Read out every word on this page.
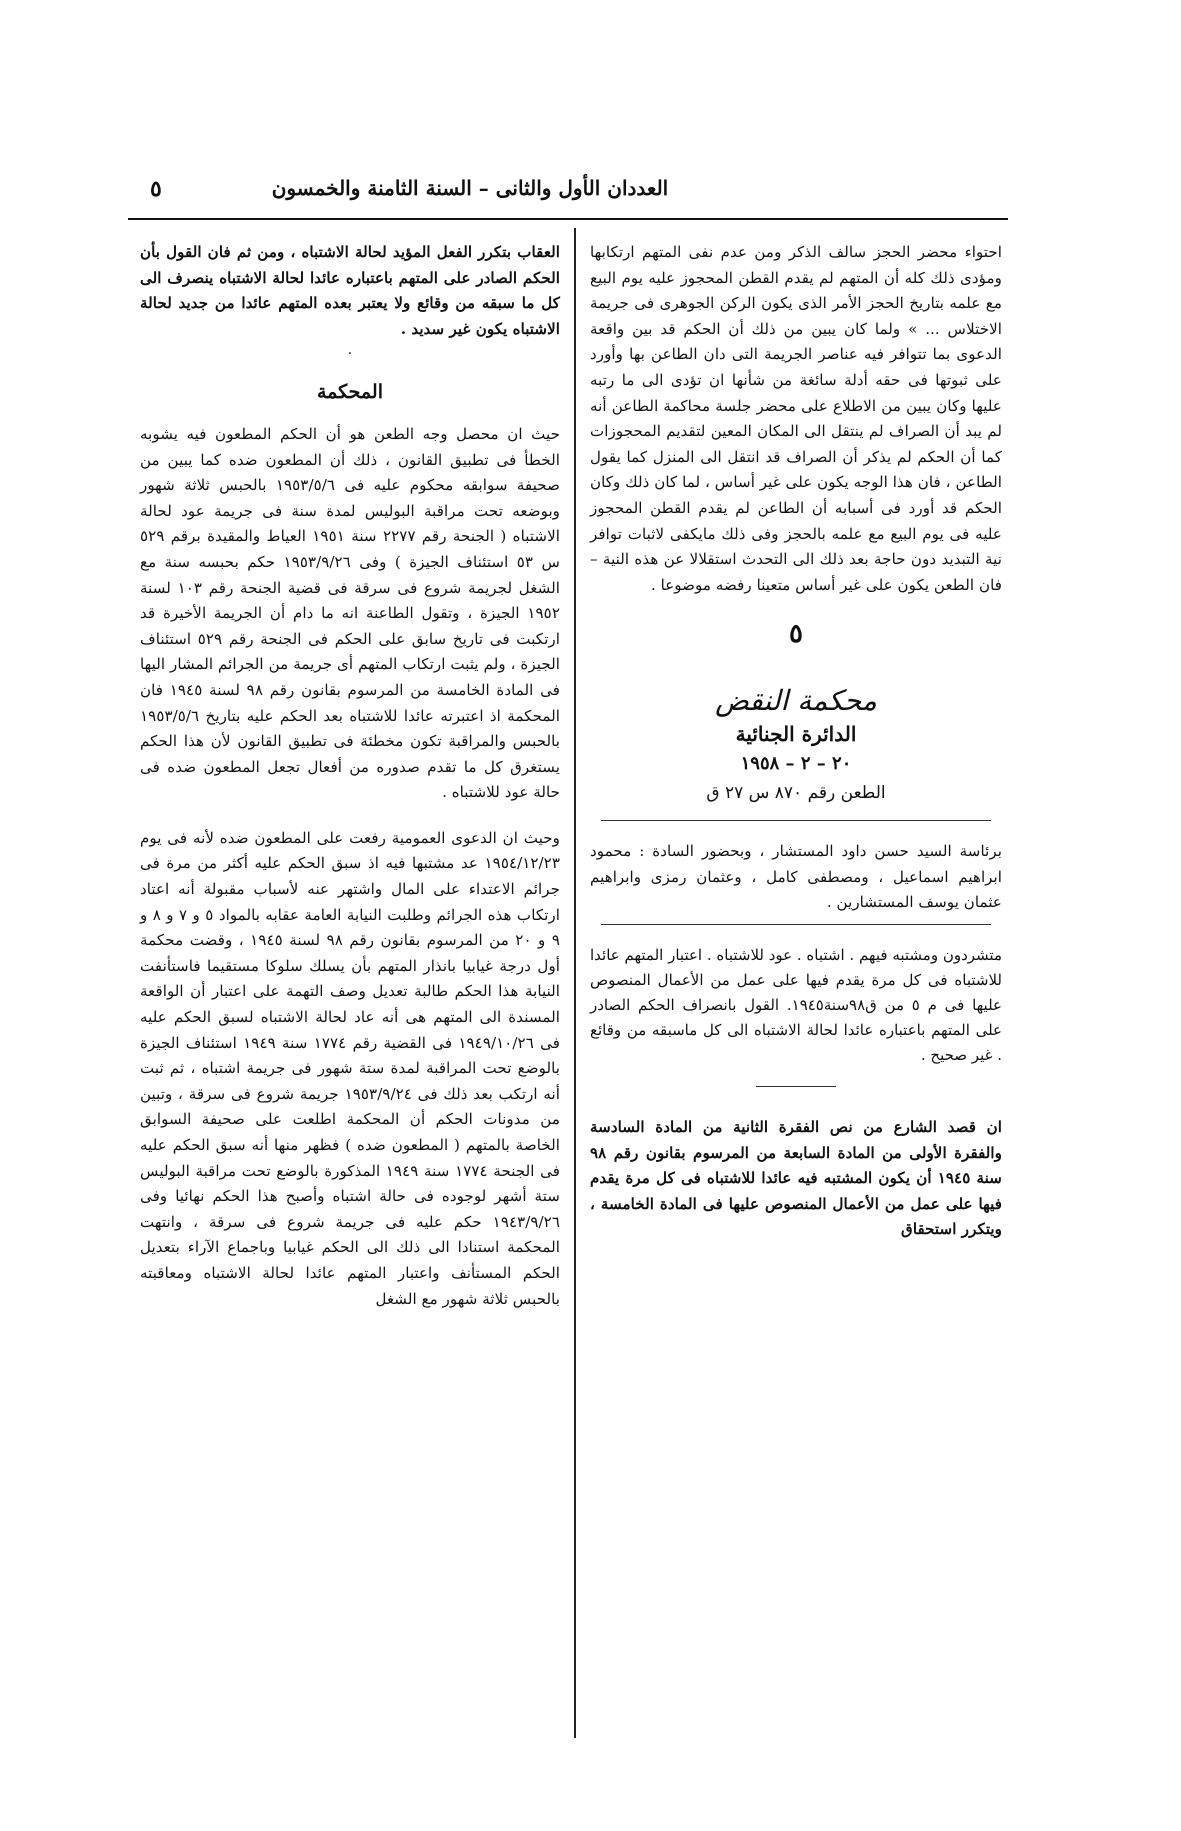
العددان الأول والثانى – السنة الثامنة والخمسون
٥

احتواء محضر الحجز سالف الذكر ومن عدم نفى المتهم ارتكابها ومؤدى ذلك كله أن المتهم لم يقدم القطن المحجوز عليه يوم البيع مع علمه بتاريخ الحجز الأمر الذى يكون الركن الجوهرى فى جريمة الاختلاس ... » ولما كان يبين من ذلك أن الحكم قد بين واقعة الدعوى بما تتوافر فيه عناصر الجريمة التى دان الطاعن بها وأورد على ثبوتها فى حقه أدلة سائغة من شأنها ان تؤدى الى ما رتبه عليها وكان يبين من الاطلاع على محضر جلسة محاكمة الطاعن أنه لم يبد أن الصراف لم ينتقل الى المكان المعين لتقديم المحجوزات كما أن الحكم لم يذكر أن الصراف قد انتقل الى المنزل كما يقول الطاعن ، فان هذا الوجه يكون على غير أساس ، لما كان ذلك وكان الحكم قد أورد فى أسبابه أن الطاعن لم يقدم القطن المحجوز عليه فى يوم البيع مع علمه بالحجز وفى ذلك مايكفى لاثبات توافر نية التبديد دون حاجة بعد ذلك الى التحدث استقلالا عن هذه النية – فان الطعن يكون على غير أساس متعينا رفضه موضوعا .

٥
محكمة النقض
الدائرة الجنائية
٢٠ – ٢ – ١٩٥٨
الطعن رقم ٨٧٠ س ٢٧ ق

برئاسة السيد حسن داود المستشار ، وبحضور السادة : محمود ابراهيم اسماعيل ، ومصطفى كامل ، وعثمان رمزى وابراهيم عثمان يوسف المستشارين .

متشردون ومشتبه فيهم . اشتباه . عود للاشتباه . اعتبار المتهم عائدا للاشتباه فى كل مرة يقدم فيها على عمل من الأعمال المنصوص عليها فى م ٥ من ق٩٨سنة١٩٤٥. القول بانصراف الحكم الصادر على المتهم باعتباره عائدا لحالة الاشتباه الى كل ماسبقه من وقائع . غير صحيح .

ان قصد الشارع من نص الفقرة الثانية من المادة السادسة والفقرة الأولى من المادة السابعة من المرسوم بقانون رقم ٩٨ سنة ١٩٤٥ أن يكون المشتبه فيه عائدا للاشتباه فى كل مرة يقدم فيها على عمل من الأعمال المنصوص عليها فى المادة الخامسة ، ويتكرر استحقاق

العقاب بتكرر الفعل المؤيد لحالة الاشتباه ، ومن ثم فان القول بأن الحكم الصادر على المتهم باعتباره عائدا لحالة الاشتباه ينصرف الى كل ما سبقه من وقائع ولا يعتبر بعده المتهم عائدا من جديد لحالة الاشتباه يكون غير سديد .

·
المحكمة

حيث ان محصل وجه الطعن هو أن الحكم المطعون فيه يشوبه الخطأ فى تطبيق القانون ، ذلك أن المطعون ضده كما يبين من صحيفة سوابقه محكوم عليه فى ١٩٥٣/٥/٦ بالحبس ثلاثة شهور وبوضعه تحت مراقبة البوليس لمدة سنة فى جريمة عود لحالة الاشتباه ( الجنحة رقم ٢٢٧٧ سنة ١٩٥١ العياط والمقيدة برقم ٥٢٩ س ٥٣ استئناف الجيزة ) وفى ١٩٥٣/٩/٢٦ حكم بحبسه سنة مع الشغل لجريمة شروع فى سرقة فى قضية الجنحة رقم ١٠٣ لسنة ١٩٥٢ الجيزة ، وتقول الطاعنة انه ما دام أن الجريمة الأخيرة قد ارتكبت فى تاريخ سابق على الحكم فى الجنحة رقم ٥٢٩ استئناف الجيزة ، ولم يثبت ارتكاب المتهم أى جريمة من الجرائم المشار اليها فى المادة الخامسة من المرسوم بقانون رقم ٩٨ لسنة ١٩٤٥ فان المحكمة اذ اعتبرته عائدا للاشتباه بعد الحكم عليه بتاريخ ١٩٥٣/٥/٦ بالحبس والمراقبة تكون مخطئة فى تطبيق القانون لأن هذا الحكم يستغرق كل ما تقدم صدوره من أفعال تجعل المطعون ضده فى حالة عود للاشتباه .

وحيث ان الدعوى العمومية رفعت على المطعون ضده لأنه فى يوم ١٩٥٤/١٢/٢٣ عد مشتبها فيه اذ سبق الحكم عليه أكثر من مرة فى جرائم الاعتداء على المال واشتهر عنه لأسباب مقبولة أنه اعتاد ارتكاب هذه الجرائم وطلبت النيابة العامة عقابه بالمواد ٥ و ٧ و ٨ و ٩ و ٢٠ من المرسوم بقانون رقم ٩٨ لسنة ١٩٤٥ ، وقضت محكمة أول درجة غيابيا بانذار المتهم بأن يسلك سلوكا مستقيما فاستأنفت النيابة هذا الحكم طالبة تعديل وصف التهمة على اعتبار أن الواقعة المسندة الى المتهم هى أنه عاد لحالة الاشتباه لسبق الحكم عليه فى ١٩٤٩/١٠/٢٦ فى القضية رقم ١٧٧٤ سنة ١٩٤٩ استئناف الجيزة بالوضع تحت المراقبة لمدة ستة شهور فى جريمة اشتباه ، ثم ثبت أنه ارتكب بعد ذلك فى ١٩٥٣/٩/٢٤ جريمة شروع فى سرقة ، وتبين من مدونات الحكم أن المحكمة اطلعت على صحيفة السوابق الخاصة بالمتهم ( المطعون ضده ) فظهر منها أنه سبق الحكم عليه فى الجنحة ١٧٧٤ سنة ١٩٤٩ المذكورة بالوضع تحت مراقبة البوليس ستة أشهر لوجوده فى حالة اشتباه وأصبح هذا الحكم نهائيا وفى ١٩٤٣/٩/٢٦ حكم عليه فى جريمة شروع فى سرقة ، وانتهت المحكمة استنادا الى ذلك الى الحكم غيابيا وباجماع الآراء بتعديل الحكم المستأنف واعتبار المتهم عائدا لحالة الاشتباه ومعاقبته بالحبس ثلاثة شهور مع الشغل
